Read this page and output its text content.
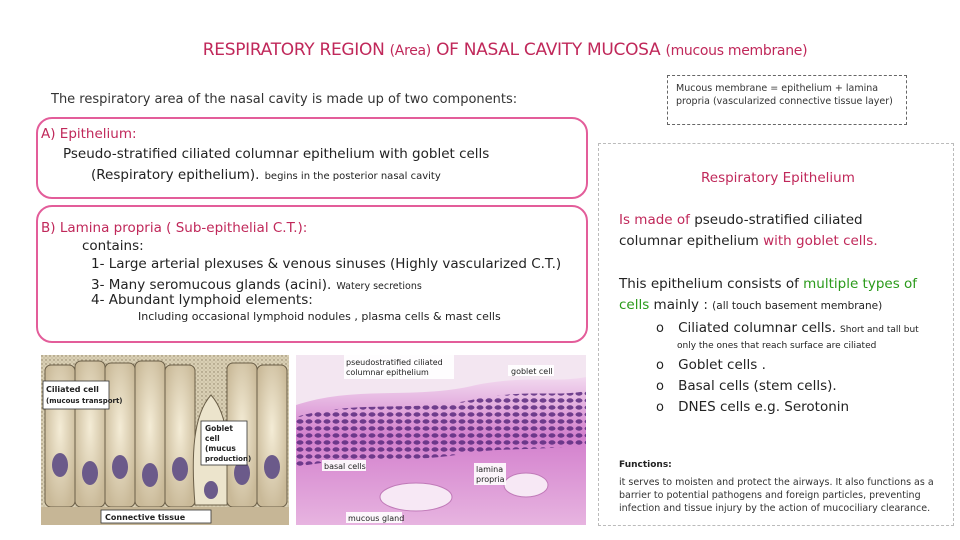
RESPIRATORY REGION (Area) OF NASAL CAVITY MUCOSA (mucous membrane)
The respiratory area of the nasal cavity is made up of two components:
Mucous membrane = epithelium + lamina propria (vascularized connective tissue layer)
A) Epithelium:
Pseudo-stratified ciliated columnar epithelium with goblet cells
(Respiratory epithelium). begins in the posterior nasal cavity
B) Lamina propria ( Sub-epithelial C.T.):
contains:
1- Large arterial plexuses & venous sinuses (Highly vascularized C.T.)
3- Many seromucous glands (acini). Watery secretions
4- Abundant lymphoid elements:
Including occasional lymphoid nodules , plasma cells & mast cells
Respiratory Epithelium
Is made of pseudo-stratified ciliated
columnar epithelium with goblet cells.
This epithelium consists of multiple types of
cells mainly : (all touch basement membrane)
o Ciliated columnar cells. Short and tall but
only the ones that reach surface are ciliated
o Goblet cells .
o Basal cells (stem cells).
o DNES cells e.g. Serotonin
Functions:
it serves to moisten and protect the airways. It also functions as a barrier to potential pathogens and foreign particles, preventing infection and tissue injury by the action of mucociliary clearance.
Ciliated cell
(mucous transport)
Goblet
cell
(mucus
production)
Connective tissue
pseudostratified ciliated
columnar epithelium	goblet cell
basal cells	lamina
propria
mucous gland
